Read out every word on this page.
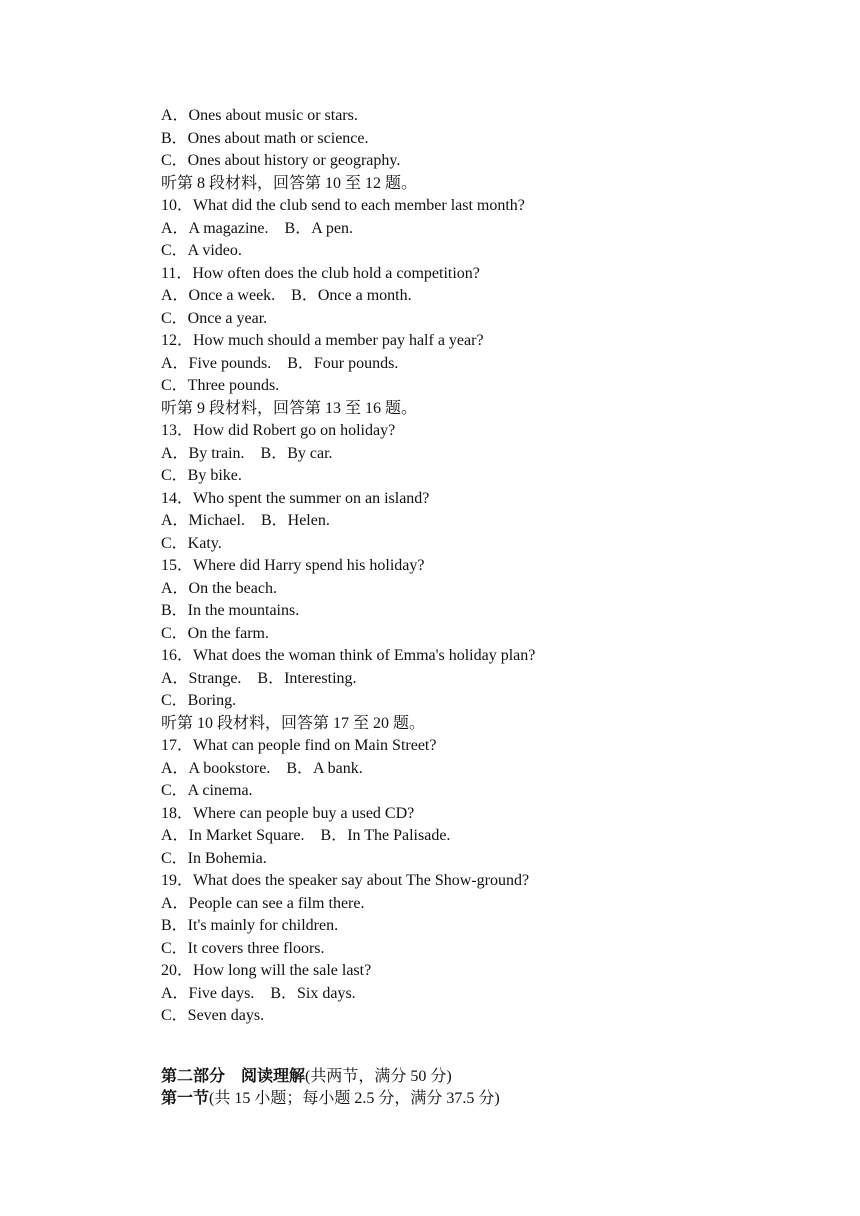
A．Ones about music or stars.
B．Ones about math or science.
C．Ones about history or geography.
听第 8 段材料，回答第 10 至 12 题。
10．What did the club send to each member last month?
A．A magazine.　B．A pen.
C．A video.
11．How often does the club hold a competition?
A．Once a week.　B．Once a month.
C．Once a year.
12．How much should a member pay half a year?
A．Five pounds.　B．Four pounds.
C．Three pounds.
听第 9 段材料，回答第 13 至 16 题。
13．How did Robert go on holiday?
A．By train.　B．By car.
C．By bike.
14．Who spent the summer on an island?
A．Michael.　B．Helen.
C．Katy.
15．Where did Harry spend his holiday?
A．On the beach.
B．In the mountains.
C．On the farm.
16．What does the woman think of Emma's holiday plan?
A．Strange.　B．Interesting.
C．Boring.
听第 10 段材料，回答第 17 至 20 题。
17．What can people find on Main Street?
A．A bookstore.　B．A bank.
C．A cinema.
18．Where can people buy a used CD?
A．In Market Square.　B．In The Palisade.
C．In Bohemia.
19．What does the speaker say about The Show-ground?
A．People can see a film there.
B．It's mainly for children.
C．It covers three floors.
20．How long will the sale last?
A．Five days.　B．Six days.
C．Seven days.
第二部分　阅读理解(共两节，满分 50 分)
第一节(共 15 小题；每小题 2.5 分，满分 37.5 分)
